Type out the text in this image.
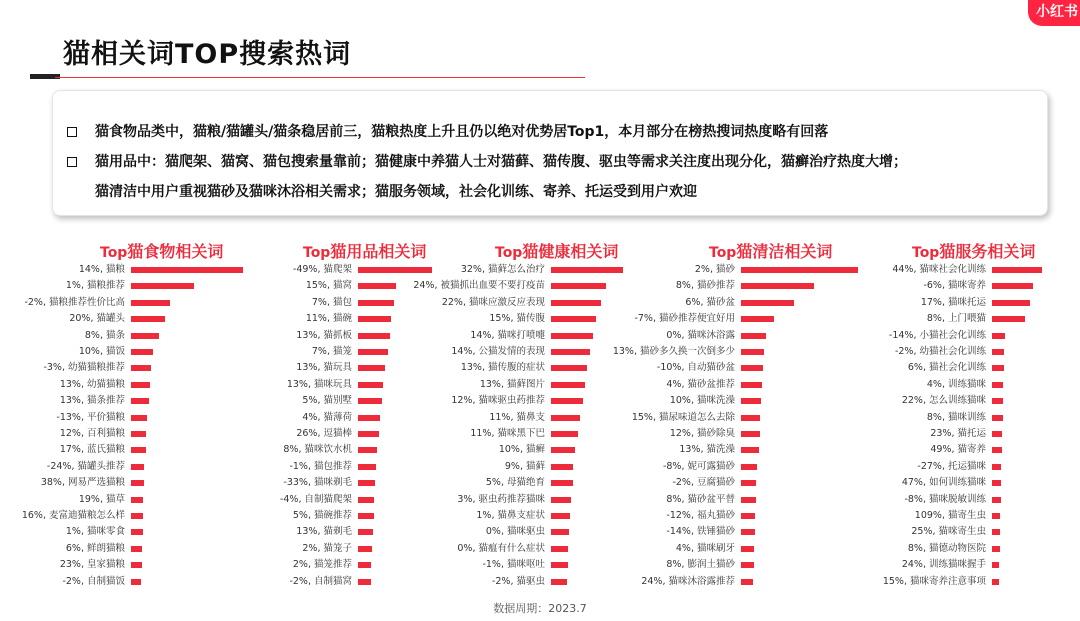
小红书
猫相关词TOP搜索热词
猫食物品类中，猫粮/猫罐头/猫条稳居前三，猫粮热度上升且仍以绝对优势居Top1，本月部分在榜热搜词热度略有回落
猫用品中：猫爬架、猫窝、猫包搜索量靠前；猫健康中养猫人士对猫藓、猫传腹、驱虫等需求关注度出现分化，猫癣治疗热度大增；
猫清洁中用户重视猫砂及猫咪沐浴相关需求；猫服务领域，社会化训练、寄养、托运受到用户欢迎
Top猫食物相关词
14%, 猫粮
1%, 猫粮推荐
-2%, 猫粮推荐性价比高
20%, 猫罐头
8%, 猫条
10%, 猫饭
-3%, 幼猫猫粮推荐
13%, 幼猫猫粮
13%, 猫条推荐
-13%, 平价猫粮
12%, 百利猫粮
17%, 蓝氏猫粮
-24%, 猫罐头推荐
38%, 网易严选猫粮
19%, 猫草
16%, 麦富迪猫粮怎么样
1%, 猫咪零食
6%, 鲜朗猫粮
23%, 皇家猫粮
-2%, 自制猫饭
Top猫用品相关词
-49%, 猫爬架
15%, 猫窝
7%, 猫包
11%, 猫碗
13%, 猫抓板
7%, 猫笼
13%, 猫玩具
13%, 猫咪玩具
5%, 猫别墅
4%, 猫薄荷
26%, 逗猫棒
8%, 猫咪饮水机
-1%, 猫包推荐
-33%, 猫咪剃毛
-4%, 自制猫爬架
5%, 猫碗推荐
13%, 猫剃毛
2%, 猫笼子
2%, 猫笼推荐
-2%, 自制猫窝
Top猫健康相关词
32%, 猫藓怎么治疗
24%, 被猫抓出血要不要打疫苗
22%, 猫咪应激反应表现
15%, 猫传腹
14%, 猫咪打喷嚏
14%, 公猫发情的表现
13%, 猫传腹的症状
13%, 猫藓图片
12%, 猫咪驱虫药推荐
11%, 猫鼻支
11%, 猫咪黑下巴
10%, 猫癣
9%, 猫藓
5%, 母猫绝育
3%, 驱虫药推荐猫咪
1%, 猫鼻支症状
0%, 猫咪驱虫
0%, 猫瘟有什么症状
-1%, 猫咪呕吐
-2%, 猫驱虫
Top猫清洁相关词
2%, 猫砂
8%, 猫砂推荐
6%, 猫砂盆
-7%, 猫砂推荐便宜好用
0%, 猫咪沐浴露
13%, 猫砂多久换一次倒多少
-10%, 自动猫砂盆
4%, 猫砂盆推荐
10%, 猫咪洗澡
15%, 猫尿味道怎么去除
12%, 猫砂除臭
13%, 猫洗澡
-8%, 妮可露猫砂
-2%, 豆腐猫砂
8%, 猫砂盆平替
-12%, 福丸猫砂
-14%, 铁锤猫砂
4%, 猫咪刷牙
8%, 膨润土猫砂
24%, 猫咪沐浴露推荐
Top猫服务相关词
44%, 猫咪社会化训练
-6%, 猫咪寄养
17%, 猫咪托运
8%, 上门喂猫
-14%, 小猫社会化训练
-2%, 幼猫社会化训练
6%, 猫社会化训练
4%, 训练猫咪
22%, 怎么训练猫咪
8%, 猫咪训练
23%, 猫托运
49%, 猫寄养
-27%, 托运猫咪
47%, 如何训练猫咪
-8%, 猫咪脱敏训练
109%, 猫寄生虫
25%, 猫咪寄生虫
8%, 猫德动物医院
24%, 训练猫咪握手
15%, 猫咪寄养注意事项
数据周期：2023.7
